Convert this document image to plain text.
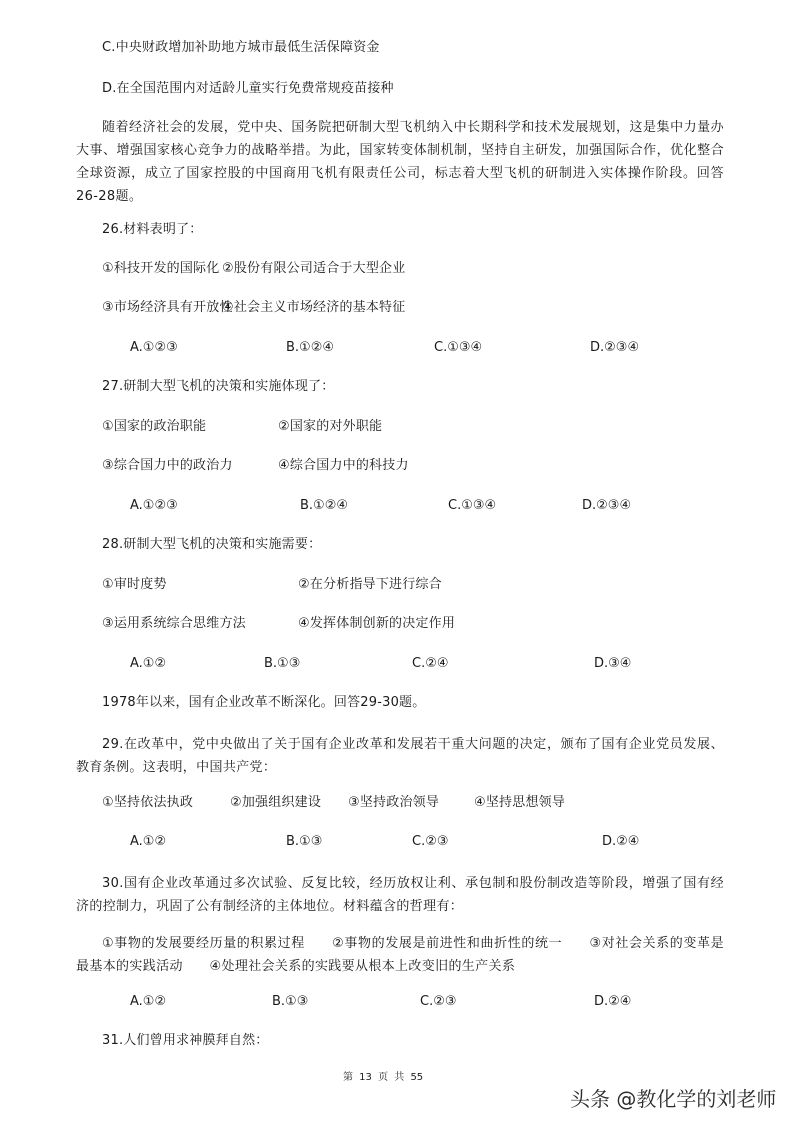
C.中央财政增加补助地方城市最低生活保障资金
D.在全国范围内对适龄儿童实行免费常规疫苗接种
随着经济社会的发展，党中央、国务院把研制大型飞机纳入中长期科学和技术发展规划，这是集中力量办大事、增强国家核心竞争力的战略举措。为此，国家转变体制机制，坚持自主研发，加强国际合作，优化整合全球资源，成立了国家控股的中国商用飞机有限责任公司，标志着大型飞机的研制进入实体操作阶段。回答26-28题。
26.材料表明了：
①科技开发的国际化 ②股份有限公司适合于大型企业
③市场经济具有开放性
④社会主义市场经济的基本特征
A.①②③	B.①②④	C.①③④	D.②③④
27.研制大型飞机的决策和实施体现了：
①国家的政治职能	②国家的对外职能
③综合国力中的政治力	④综合国力中的科技力
A.①②③	B.①②④	C.①③④	D.②③④
28.研制大型飞机的决策和实施需要：
①审时度势	②在分析指导下进行综合
③运用系统综合思维方法	④发挥体制创新的决定作用
A.①②	B.①③	C.②④	D.③④
1978年以来，国有企业改革不断深化。回答29-30题。
29.在改革中，党中央做出了关于国有企业改革和发展若干重大问题的决定，颁布了国有企业党员发展、教育条例。这表明，中国共产党：
①坚持依法执政	②加强组织建设 ③坚持政治领导	④坚持思想领导
A.①②	B.①③	C.②③	D.②④
30.国有企业改革通过多次试验、反复比较，经历放权让利、承包制和股份制改造等阶段，增强了国有经济的控制力，巩固了公有制经济的主体地位。材料蕴含的哲理有：
①事物的发展要经历量的积累过程　　②事物的发展是前进性和曲折性的统一　　③对社会关系的变革是最基本的实践活动　　④处理社会关系的实践要从根本上改变旧的生产关系
A.①②	B.①③	C.②③	D.②④
31.人们曾用求神膜拜自然：
第 13 页 共 55
头条 @教化学的刘老师
